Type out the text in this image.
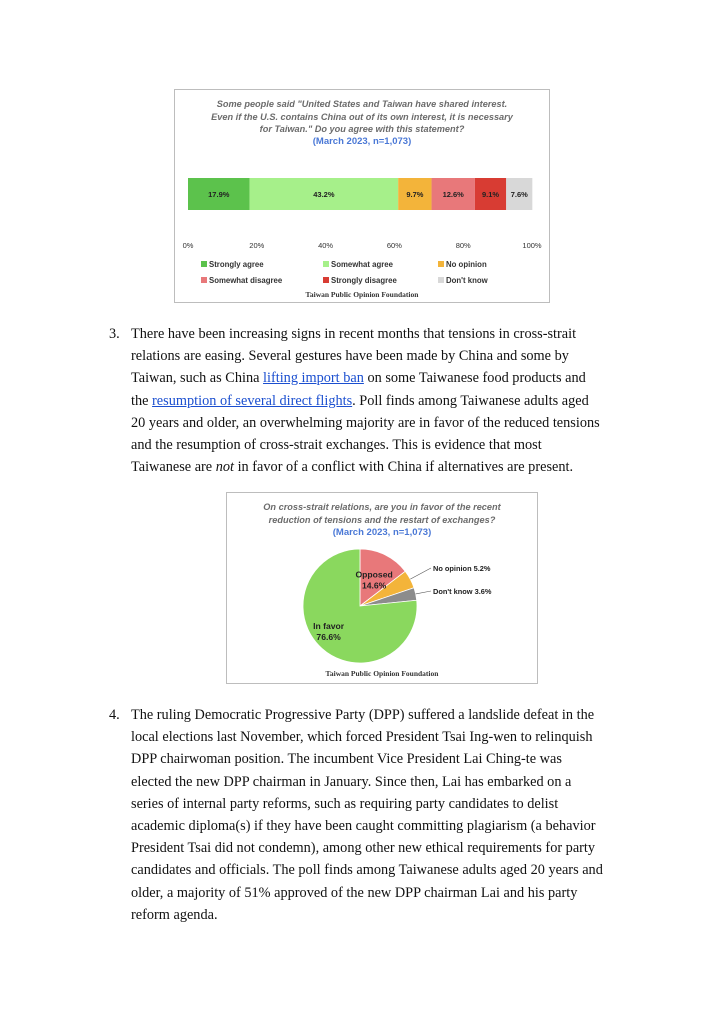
Some people said "United States and Taiwan have shared interest.
Even if the U.S. contains China out of its own interest, it is necessary
for Taiwan." Do you agree with this statement?
(March 2023, n=1,073)
17.9%	43.2%	9.7%	12.6% 9.1% 7.6%
0%	20%	40%	60%	80%	100%
Strongly agree	Somewhat agree	No opinion
Somewhat disagree	Strongly disagree	Don't know
Taiwan Public Opinion Foundation
3. There have been increasing signs in recent months that tensions in cross-strait
relations are easing. Several gestures have been made by China and some by
Taiwan, such as China lifting import ban on some Taiwanese food products and
the resumption of several direct flights. Poll finds among Taiwanese adults aged
20 years and older, an overwhelming majority are in favor of the reduced tensions
and the resumption of cross-strait exchanges. This is evidence that most
Taiwanese are not in favor of a conflict with China if alternatives are present.
On cross-strait relations, are you in favor of the recent
reduction of tensions and the restart of exchanges?
(March 2023, n=1,073)
Opposed
14.6%
No opinion 5.2%
Don't know 3.6%
In favor
76.6%
Taiwan Public Opinion Foundation
4. The ruling Democratic Progressive Party (DPP) suffered a landslide defeat in the
local elections last November, which forced President Tsai Ing-wen to relinquish
DPP chairwoman position. The incumbent Vice President Lai Ching-te was
elected the new DPP chairman in January. Since then, Lai has embarked on a
series of internal party reforms, such as requiring party candidates to delist
academic diploma(s) if they have been caught committing plagiarism (a behavior
President Tsai did not condemn), among other new ethical requirements for party
candidates and officials. The poll finds among Taiwanese adults aged 20 years and
older, a majority of 51% approved of the new DPP chairman Lai and his party
reform agenda.
